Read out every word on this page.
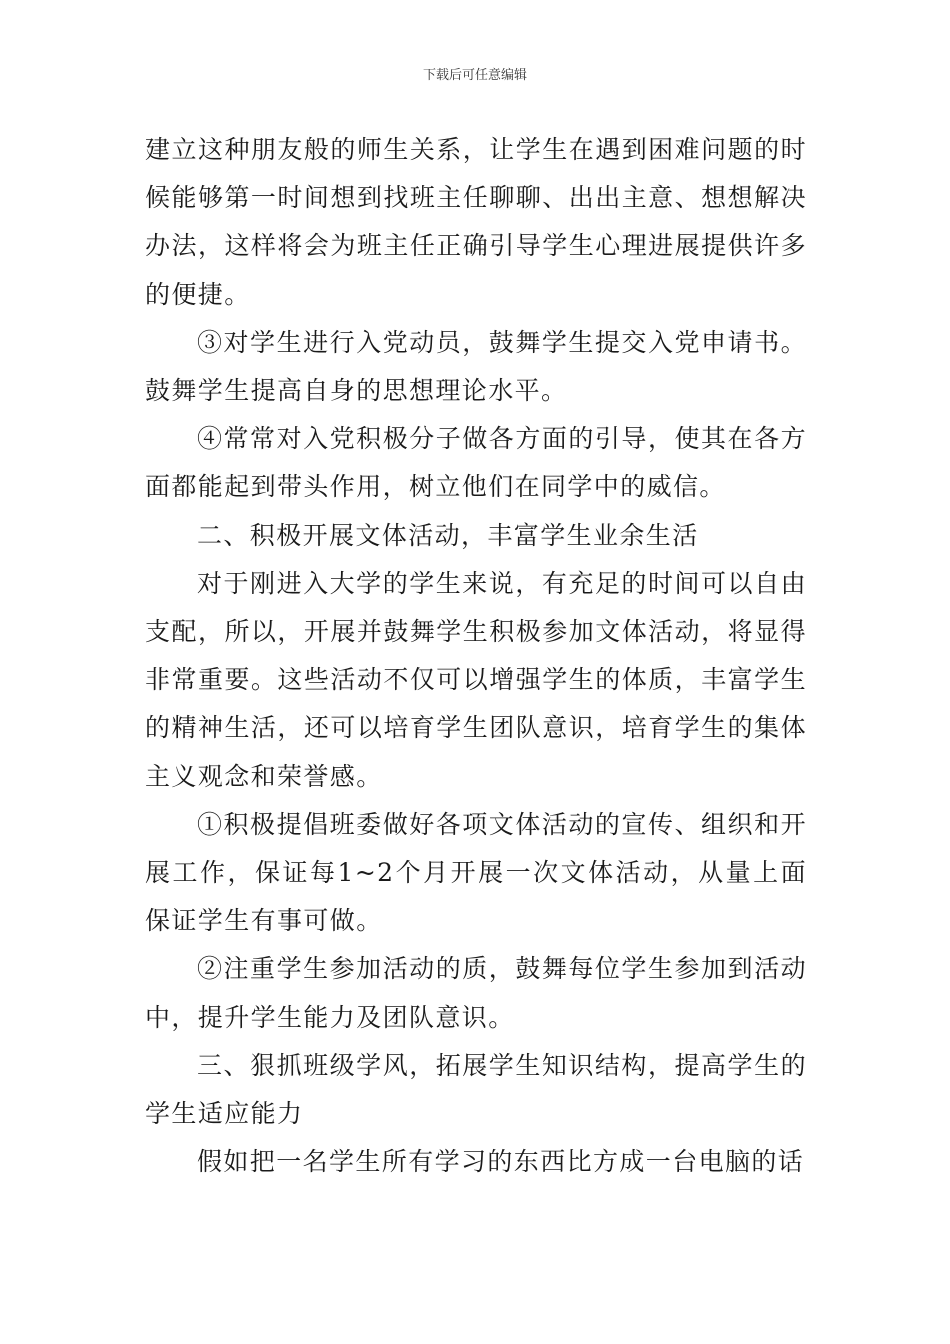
下载后可任意编辑

建立这种朋友般的师生关系，让学生在遇到困难问题的时候能够第一时间想到找班主任聊聊、出出主意、想想解决办法，这样将会为班主任正确引导学生心理进展提供许多的便捷。

③对学生进行入党动员，鼓舞学生提交入党申请书。鼓舞学生提高自身的思想理论水平。

④常常对入党积极分子做各方面的引导，使其在各方面都能起到带头作用，树立他们在同学中的威信。

二、积极开展文体活动，丰富学生业余生活

对于刚进入大学的学生来说，有充足的时间可以自由支配，所以，开展并鼓舞学生积极参加文体活动，将显得非常重要。这些活动不仅可以增强学生的体质，丰富学生的精神生活，还可以培育学生团队意识，培育学生的集体主义观念和荣誉感。

①积极提倡班委做好各项文体活动的宣传、组织和开展工作，保证每1~2个月开展一次文体活动，从量上面保证学生有事可做。

②注重学生参加活动的质，鼓舞每位学生参加到活动中，提升学生能力及团队意识。

三、狠抓班级学风，拓展学生知识结构，提高学生的学生适应能力

假如把一名学生所有学习的东西比方成一台电脑的话
